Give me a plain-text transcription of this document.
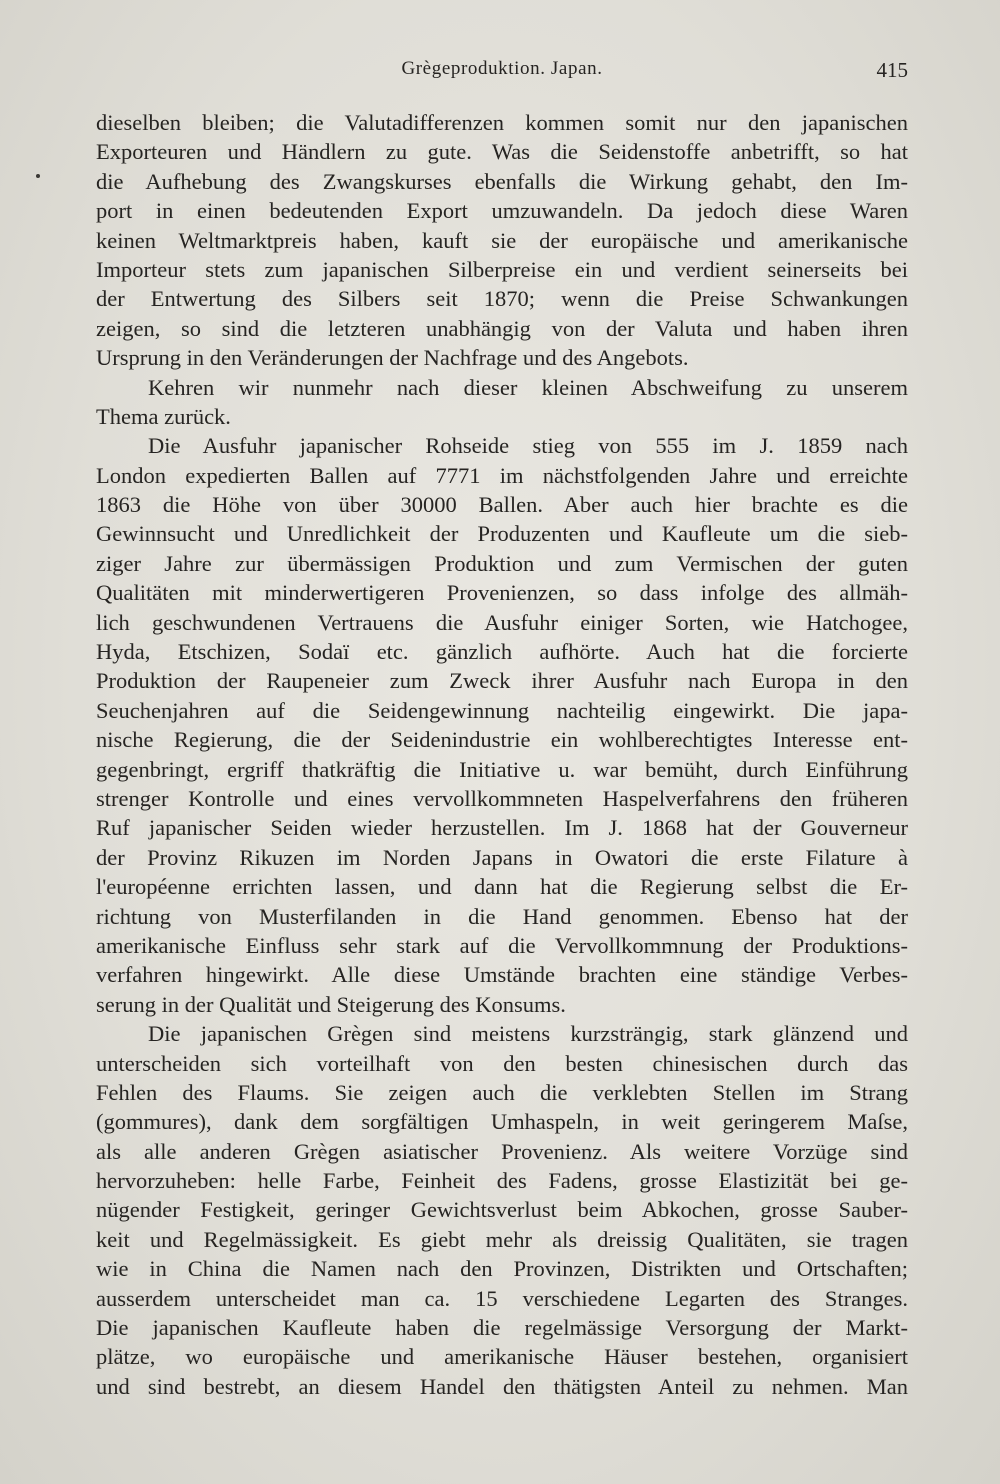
Grègeproduktion. Japan.	415
dieselben bleiben; die Valutadifferenzen kommen somit nur den japanischen
Exporteuren und Händlern zu gute. Was die Seidenstoffe anbetrifft, so hat
die Aufhebung des Zwangskurses ebenfalls die Wirkung gehabt, den Im-
port in einen bedeutenden Export umzuwandeln. Da jedoch diese Waren
keinen Weltmarktpreis haben, kauft sie der europäische und amerikanische
Importeur stets zum japanischen Silberpreise ein und verdient seinerseits bei
der Entwertung des Silbers seit 1870; wenn die Preise Schwankungen
zeigen, so sind die letzteren unabhängig von der Valuta und haben ihren
Ursprung in den Veränderungen der Nachfrage und des Angebots.
Kehren wir nunmehr nach dieser kleinen Abschweifung zu unserem
Thema zurück.
Die Ausfuhr japanischer Rohseide stieg von 555 im J. 1859 nach
London expedierten Ballen auf 7771 im nächstfolgenden Jahre und erreichte
1863 die Höhe von über 30000 Ballen. Aber auch hier brachte es die
Gewinnsucht und Unredlichkeit der Produzenten und Kaufleute um die sieb-
ziger Jahre zur übermässigen Produktion und zum Vermischen der guten
Qualitäten mit minderwertigeren Provenienzen, so dass infolge des allmäh-
lich geschwundenen Vertrauens die Ausfuhr einiger Sorten, wie Hatchogee,
Hyda, Etschizen, Sodaï etc. gänzlich aufhörte. Auch hat die forcierte
Produktion der Raupeneier zum Zweck ihrer Ausfuhr nach Europa in den
Seuchenjahren auf die Seidengewinnung nachteilig eingewirkt. Die japa-
nische Regierung, die der Seidenindustrie ein wohlberechtigtes Interesse ent-
gegenbringt, ergriff thatkräftig die Initiative u. war bemüht, durch Einführung
strenger Kontrolle und eines vervollkommneten Haspelverfahrens den früheren
Ruf japanischer Seiden wieder herzustellen. Im J. 1868 hat der Gouverneur
der Provinz Rikuzen im Norden Japans in Owatori die erste Filature à
l'européenne errichten lassen, und dann hat die Regierung selbst die Er-
richtung von Musterfilanden in die Hand genommen. Ebenso hat der
amerikanische Einfluss sehr stark auf die Vervollkommnung der Produktions-
verfahren hingewirkt. Alle diese Umstände brachten eine ständige Verbes-
serung in der Qualität und Steigerung des Konsums.
Die japanischen Grègen sind meistens kurzsträngig, stark glänzend und
unterscheiden sich vorteilhaft von den besten chinesischen durch das
Fehlen des Flaums. Sie zeigen auch die verklebten Stellen im Strang
(gommures), dank dem sorgfältigen Umhaspeln, in weit geringerem Maſse,
als alle anderen Grègen asiatischer Provenienz. Als weitere Vorzüge sind
hervorzuheben: helle Farbe, Feinheit des Fadens, grosse Elastizität bei ge-
nügender Festigkeit, geringer Gewichtsverlust beim Abkochen, grosse Sauber-
keit und Regelmässigkeit. Es giebt mehr als dreissig Qualitäten, sie tragen
wie in China die Namen nach den Provinzen, Distrikten und Ortschaften;
ausserdem unterscheidet man ca. 15 verschiedene Legarten des Stranges.
Die japanischen Kaufleute haben die regelmässige Versorgung der Markt-
plätze, wo europäische und amerikanische Häuser bestehen, organisiert
und sind bestrebt, an diesem Handel den thätigsten Anteil zu nehmen. Man
